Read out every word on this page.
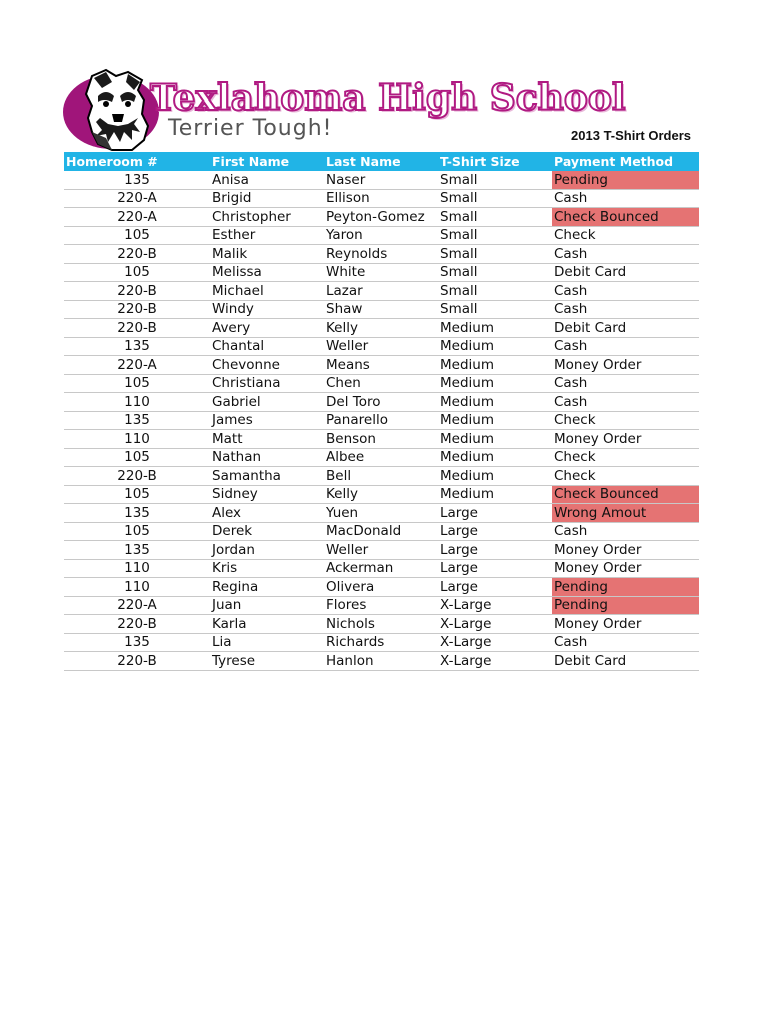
Texlahoma High School

Terrier Tough!	2013 T-Shirt Orders

Homeroom #	First Name	Last Name	T-Shirt Size	Payment Method
135	Anisa	Naser	Small	Pending
220-A	Brigid	Ellison	Small	Cash
220-A	Christopher	Peyton-Gomez	Small	Check Bounced
105	Esther	Yaron	Small	Check
220-B	Malik	Reynolds	Small	Cash
105	Melissa	White	Small	Debit Card
220-B	Michael	Lazar	Small	Cash
220-B	Windy	Shaw	Small	Cash
220-B	Avery	Kelly	Medium	Debit Card
135	Chantal	Weller	Medium	Cash
220-A	Chevonne	Means	Medium	Money Order
105	Christiana	Chen	Medium	Cash
110	Gabriel	Del Toro	Medium	Cash
135	James	Panarello	Medium	Check
110	Matt	Benson	Medium	Money Order
105	Nathan	Albee	Medium	Check
220-B	Samantha	Bell	Medium	Check
105	Sidney	Kelly	Medium	Check Bounced
135	Alex	Yuen	Large	Wrong Amout
105	Derek	MacDonald	Large	Cash
135	Jordan	Weller	Large	Money Order
110	Kris	Ackerman	Large	Money Order
110	Regina	Olivera	Large	Pending
220-A	Juan	Flores	X-Large	Pending
220-B	Karla	Nichols	X-Large	Money Order
135	Lia	Richards	X-Large	Cash
220-B	Tyrese	Hanlon	X-Large	Debit Card
